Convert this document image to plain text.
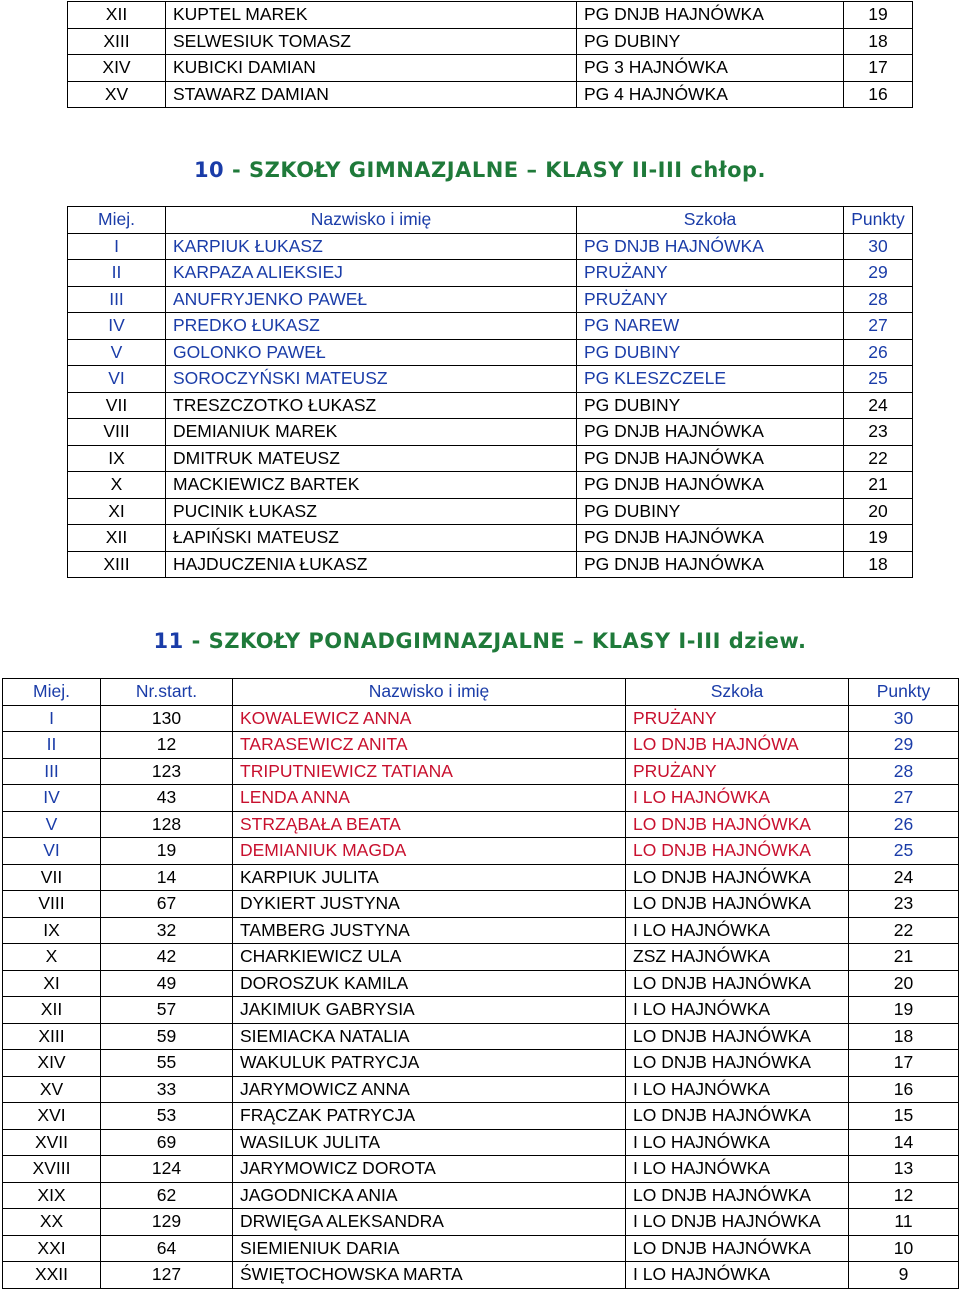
XII	KUPTEL MAREK	PG DNJB HAJNÓWKA	19
XIII	SELWESIUK TOMASZ	PG DUBINY	18
XIV	KUBICKI DAMIAN	PG 3 HAJNÓWKA	17
XV	STAWARZ DAMIAN	PG 4 HAJNÓWKA	16
10 - SZKOŁY GIMNAZJALNE – KLASY II-III chłop.
Miej.	Nazwisko i imię	Szkoła	Punkty
I	KARPIUK ŁUKASZ	PG DNJB HAJNÓWKA	30
II	KARPAZA ALIEKSIEJ	PRUŻANY	29
III	ANUFRYJENKO PAWEŁ	PRUŻANY	28
IV	PREDKO ŁUKASZ	PG NAREW	27
V	GOLONKO PAWEŁ	PG DUBINY	26
VI	SOROCZYŃSKI MATEUSZ	PG KLESZCZELE	25
VII	TRESZCZOTKO ŁUKASZ	PG DUBINY	24
VIII	DEMIANIUK MAREK	PG DNJB HAJNÓWKA	23
IX	DMITRUK MATEUSZ	PG DNJB HAJNÓWKA	22
X	MACKIEWICZ BARTEK	PG DNJB HAJNÓWKA	21
XI	PUCINIK ŁUKASZ	PG DUBINY	20
XII	ŁAPIŃSKI MATEUSZ	PG DNJB HAJNÓWKA	19
XIII	HAJDUCZENIA ŁUKASZ	PG DNJB HAJNÓWKA	18
11 - SZKOŁY PONADGIMNAZJALNE – KLASY I-III dziew.
Miej.	Nr.start.	Nazwisko i imię	Szkoła	Punkty
I	130	KOWALEWICZ ANNA	PRUŻANY	30
II	12	TARASEWICZ ANITA	LO DNJB HAJNÓWA	29
III	123	TRIPUTNIEWICZ TATIANA	PRUŻANY	28
IV	43	LENDA ANNA	I LO HAJNÓWKA	27
V	128	STRZĄBAŁA BEATA	LO DNJB HAJNÓWKA	26
VI	19	DEMIANIUK MAGDA	LO DNJB HAJNÓWKA	25
VII	14	KARPIUK JULITA	LO DNJB HAJNÓWKA	24
VIII	67	DYKIERT JUSTYNA	LO DNJB HAJNÓWKA	23
IX	32	TAMBERG JUSTYNA	I LO HAJNÓWKA	22
X	42	CHARKIEWICZ ULA	ZSZ HAJNÓWKA	21
XI	49	DOROSZUK KAMILA	LO DNJB HAJNÓWKA	20
XII	57	JAKIMIUK GABRYSIA	I LO HAJNÓWKA	19
XIII	59	SIEMIACKA NATALIA	LO DNJB HAJNÓWKA	18
XIV	55	WAKULUK PATRYCJA	LO DNJB HAJNÓWKA	17
XV	33	JARYMOWICZ ANNA	I LO HAJNÓWKA	16
XVI	53	FRĄCZAK PATRYCJA	LO DNJB HAJNÓWKA	15
XVII	69	WASILUK JULITA	I LO HAJNÓWKA	14
XVIII	124	JARYMOWICZ DOROTA	I LO HAJNÓWKA	13
XIX	62	JAGODNICKA ANIA	LO DNJB HAJNÓWKA	12
XX	129	DRWIĘGA ALEKSANDRA	I LO DNJB HAJNÓWKA	11
XXI	64	SIEMIENIUK DARIA	LO DNJB HAJNÓWKA	10
XXII	127	ŚWIĘTOCHOWSKA MARTA	I LO HAJNÓWKA	9
